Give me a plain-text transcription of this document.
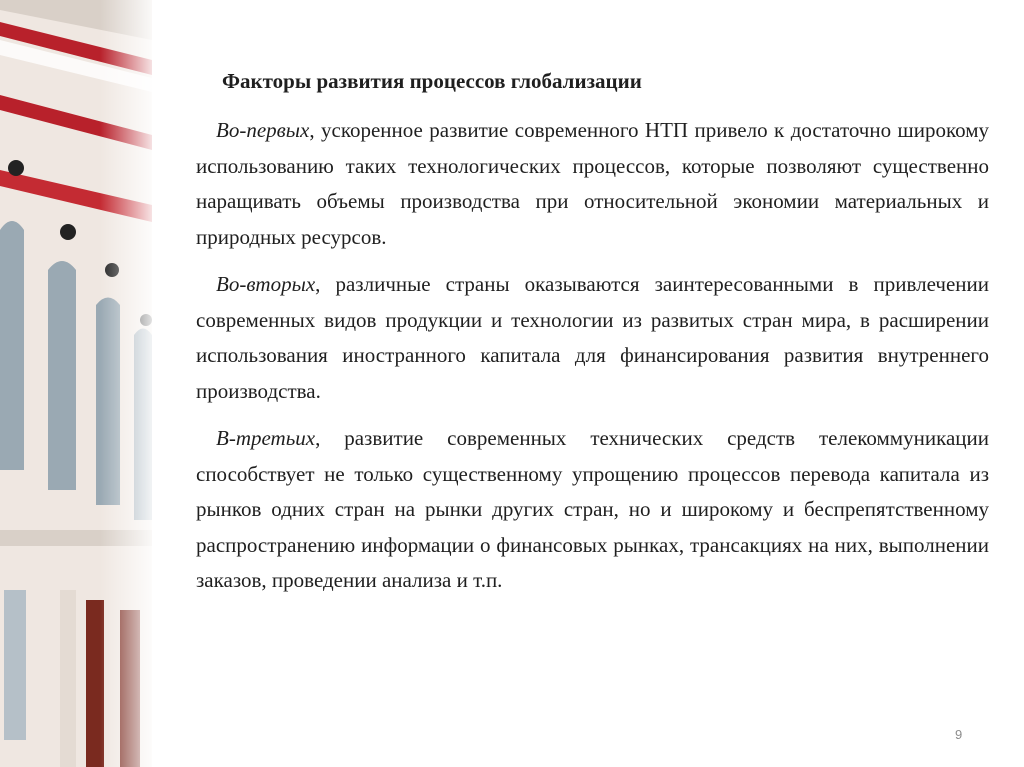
Факторы развития процессов глобализации

Во-первых, ускоренное развитие современного НТП привело к достаточно широкому использованию таких технологических процессов, которые позволяют существенно наращивать объемы производства при относительной экономии материальных и природных ресурсов.

Во-вторых, различные страны оказываются заинтересованными в привлечении современных видов продукции и технологии из развитых стран мира, в расширении использования иностранного капитала для финансирования развития внутреннего производства.

В-третьих, развитие современных технических средств телекоммуникации способствует не только существенному упрощению процессов перевода капитала из рынков одних стран на рынки других стран, но и широкому и беспрепятственному распространению информации о финансовых рынках, трансакциях на них, выполнении заказов, проведении анализа и т.п.

9
